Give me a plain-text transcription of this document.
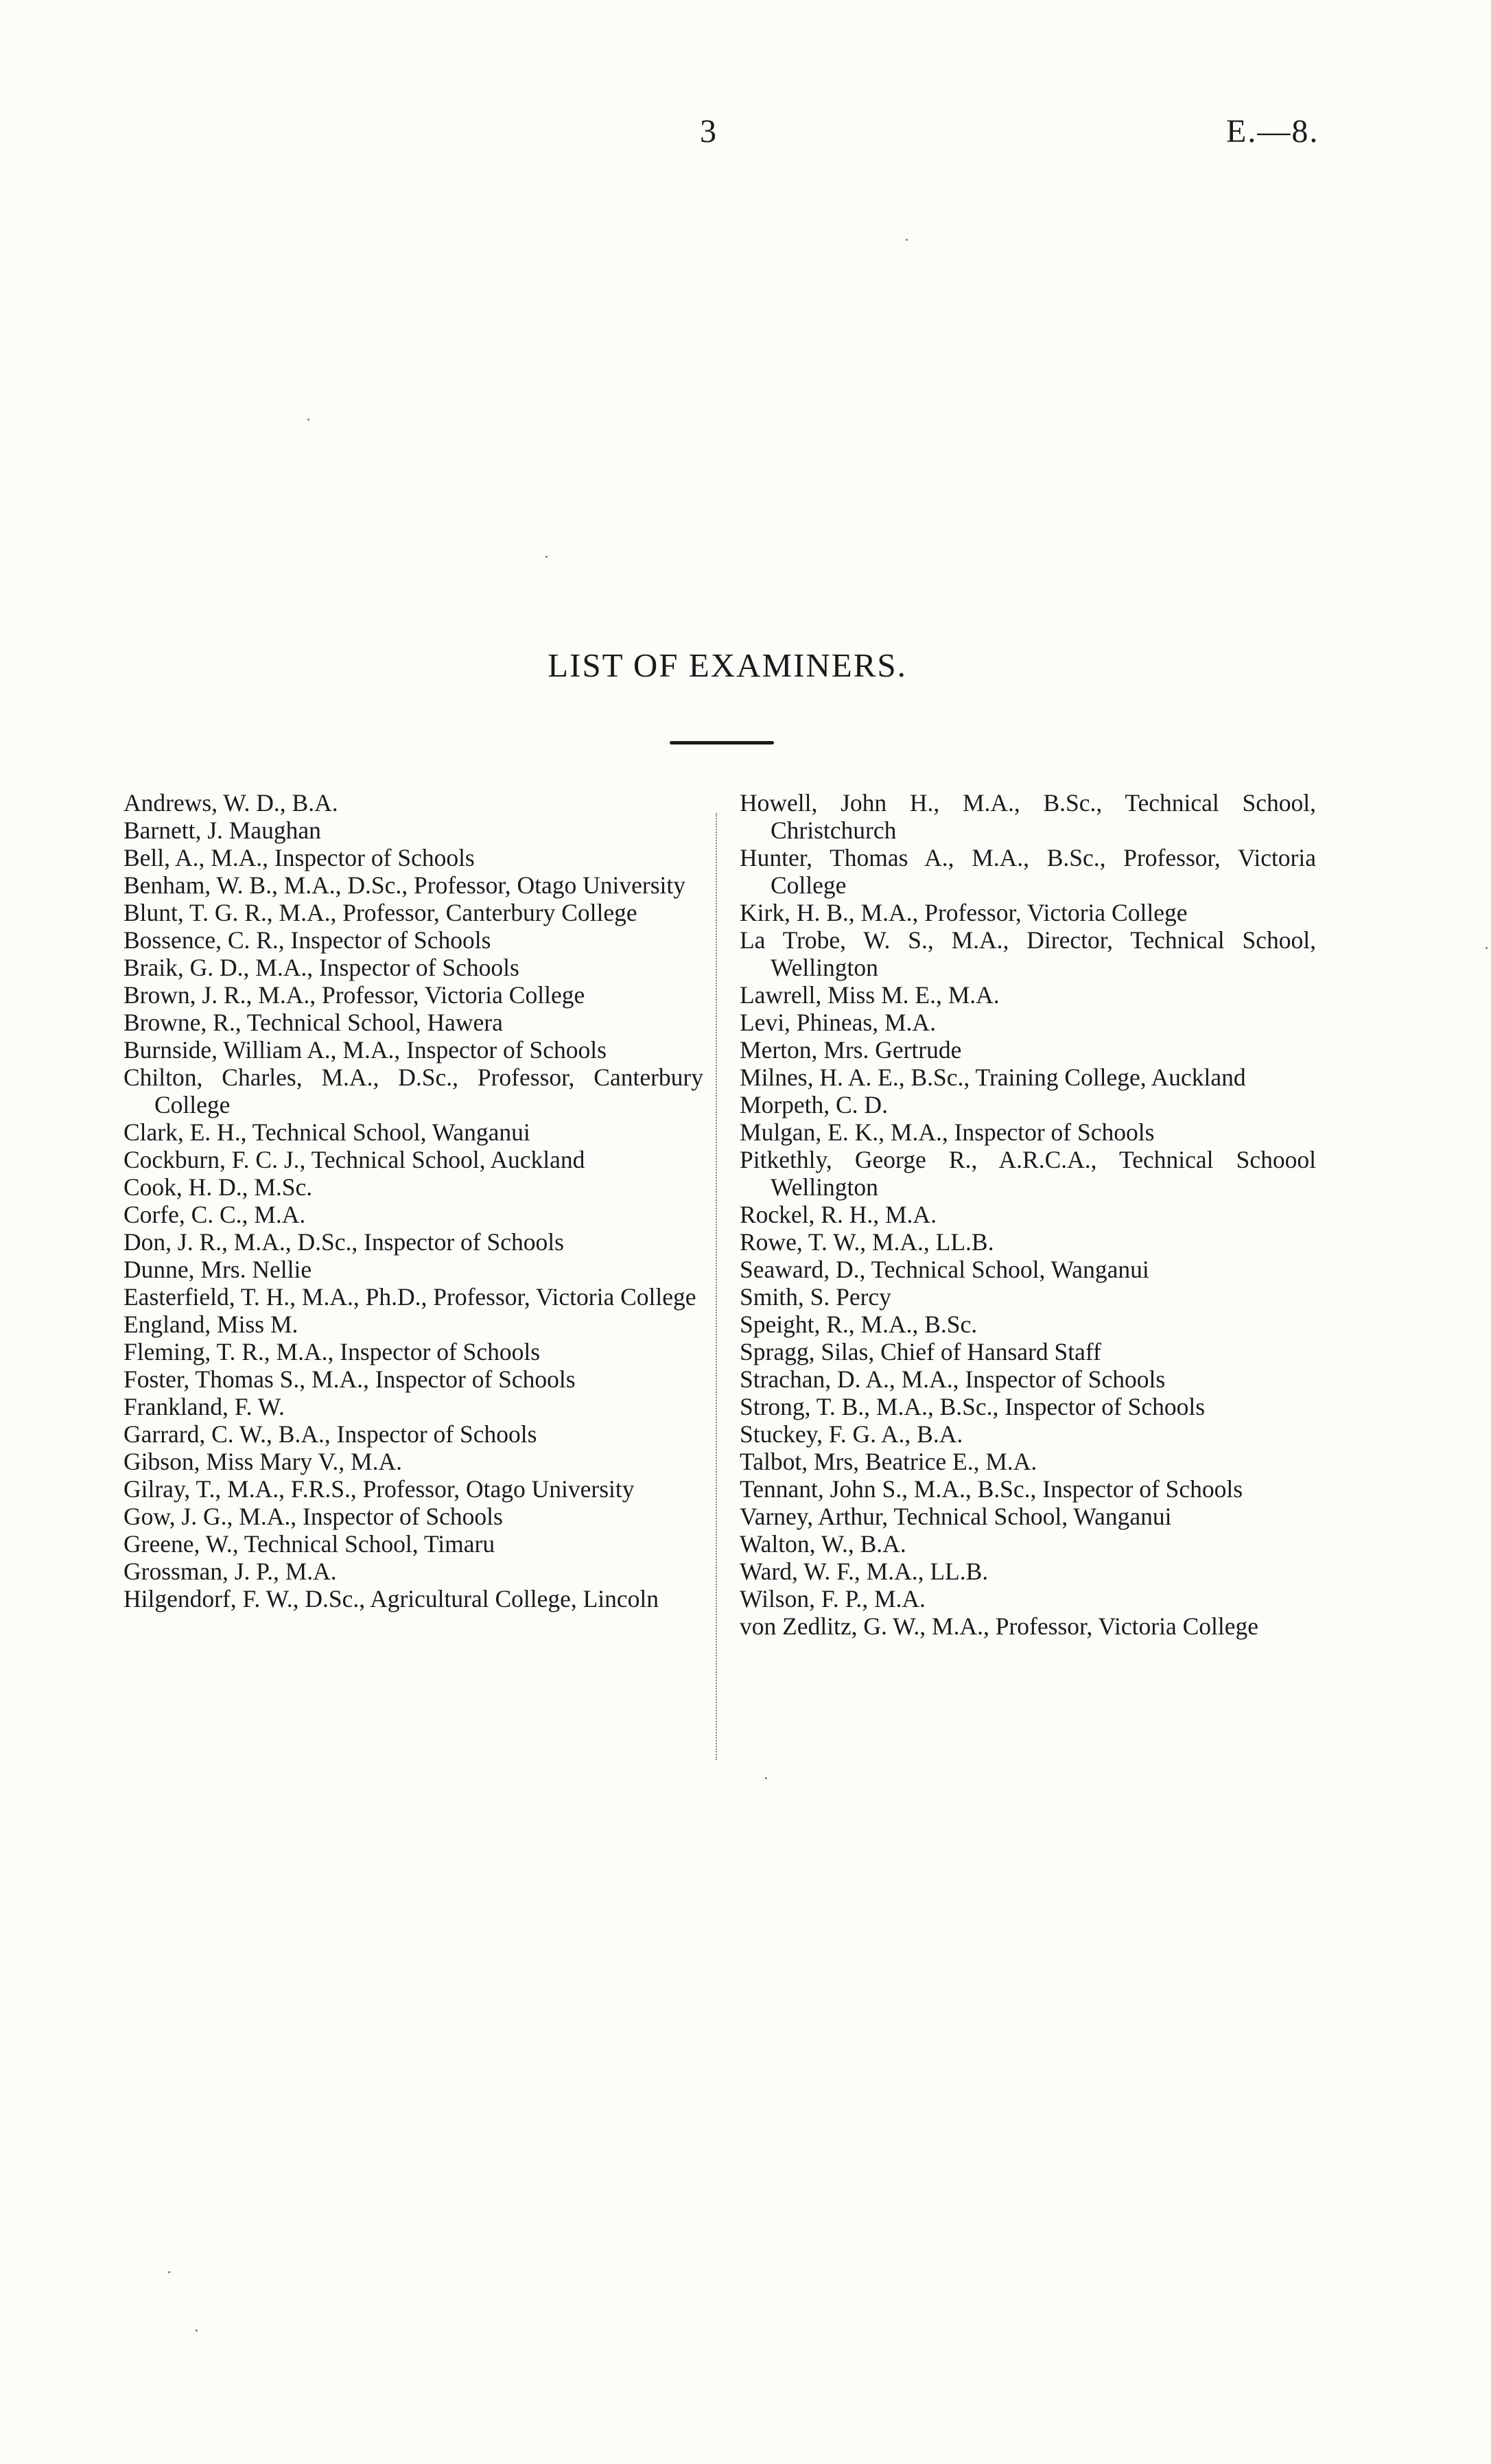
3	E.—8.
LIST OF EXAMINERS.

Andrews, W. D., B.A.

Barnett, J. Maughan

Bell, A., M.A., Inspector of Schools

Benham, W. B., M.A., D.Sc., Professor, Otago University

Blunt, T. G. R., M.A., Professor, Canterbury College

Bossence, C. R., Inspector of Schools

Braik, G. D., M.A., Inspector of Schools

Brown, J. R., M.A., Professor, Victoria College

Browne, R., Technical School, Hawera

Burnside, William A., M.A., Inspector of Schools

Chilton, Charles, M.A., D.Sc., Professor, Canterbury College

Clark, E. H., Technical School, Wanganui

Cockburn, F. C. J., Technical School, Auckland

Cook, H. D., M.Sc.

Corfe, C. C., M.A.

Don, J. R., M.A., D.Sc., Inspector of Schools

Dunne, Mrs. Nellie

Easterfield, T. H., M.A., Ph.D., Professor, Victoria College

England, Miss M.

Fleming, T. R., M.A., Inspector of Schools

Foster, Thomas S., M.A., Inspector of Schools

Frankland, F. W.

Garrard, C. W., B.A., Inspector of Schools

Gibson, Miss Mary V., M.A.

Gilray, T., M.A., F.R.S., Professor, Otago University

Gow, J. G., M.A., Inspector of Schools

Greene, W., Technical School, Timaru

Grossman, J. P., M.A.

Hilgendorf, F. W., D.Sc., Agricultural College, Lincoln

Howell, John H., M.A., B.Sc., Technical School, Christchurch

Hunter, Thomas A., M.A., B.Sc., Professor, Victoria College

Kirk, H. B., M.A., Professor, Victoria College

La Trobe, W. S., M.A., Director, Technical School, Wellington

Lawrell, Miss M. E., M.A.

Levi, Phineas, M.A.

Merton, Mrs. Gertrude

Milnes, H. A. E., B.Sc., Training College, Auckland

Morpeth, C. D.

Mulgan, E. K., M.A., Inspector of Schools

Pitkethly, George R., A.R.C.A., Technical Schoool Wellington

Rockel, R. H., M.A.

Rowe, T. W., M.A., LL.B.

Seaward, D., Technical School, Wanganui

Smith, S. Percy

Speight, R., M.A., B.Sc.

Spragg, Silas, Chief of Hansard Staff

Strachan, D. A., M.A., Inspector of Schools

Strong, T. B., M.A., B.Sc., Inspector of Schools

Stuckey, F. G. A., B.A.

Talbot, Mrs, Beatrice E., M.A.

Tennant, John S., M.A., B.Sc., Inspector of Schools

Varney, Arthur, Technical School, Wanganui

Walton, W., B.A.

Ward, W. F., M.A., LL.B.

Wilson, F. P., M.A.

von Zedlitz, G. W., M.A., Professor, Victoria College
